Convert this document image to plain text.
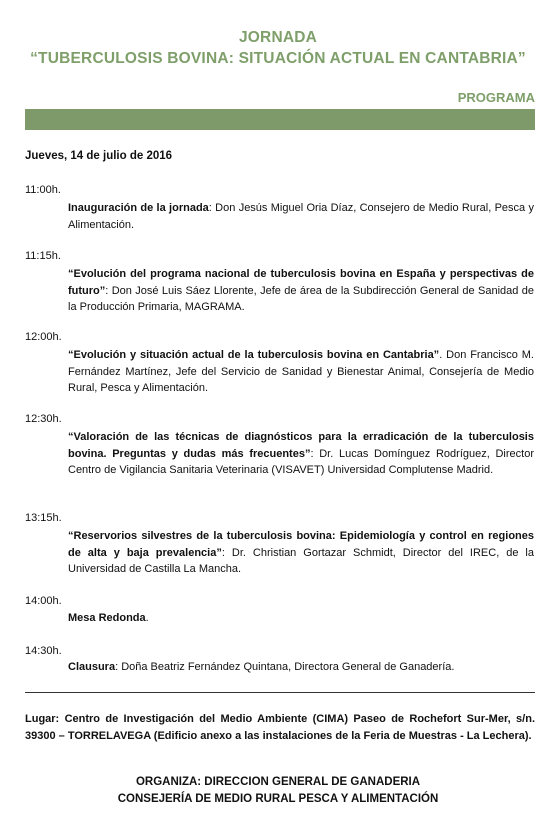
JORNADA
“TUBERCULOSIS BOVINA: SITUACIÓN ACTUAL EN CANTABRIA”
PROGRAMA
Jueves, 14 de julio de 2016
11:00h.
Inauguración de la jornada: Don Jesús Miguel Oria Díaz, Consejero de Medio Rural, Pesca y Alimentación.
11:15h.
“Evolución del programa nacional de tuberculosis bovina en España y perspectivas de futuro”: Don José Luis Sáez Llorente, Jefe de área de la Subdirección General de Sanidad de la Producción Primaria, MAGRAMA.
12:00h.
“Evolución y situación actual de la tuberculosis bovina en Cantabria”. Don Francisco M. Fernández Martínez, Jefe del Servicio de Sanidad y Bienestar Animal, Consejería de Medio Rural, Pesca y Alimentación.
12:30h.
“Valoración de las técnicas de diagnósticos para la erradicación de la tuberculosis bovina. Preguntas y dudas más frecuentes”: Dr. Lucas Domínguez Rodríguez, Director Centro de Vigilancia Sanitaria Veterinaria (VISAVET) Universidad Complutense Madrid.
13:15h.
“Reservorios silvestres de la tuberculosis bovina: Epidemiología y control en regiones de alta y baja prevalencia”: Dr. Christian Gortazar Schmidt, Director del IREC, de la Universidad de Castilla La Mancha.
14:00h.
Mesa Redonda.
14:30h.
Clausura: Doña Beatriz Fernández Quintana, Directora General de Ganadería.
Lugar: Centro de Investigación del Medio Ambiente (CIMA) Paseo de Rochefort Sur-Mer, s/n. 39300 – TORRELAVEGA (Edificio anexo a las instalaciones de la Feria de Muestras - La Lechera).
ORGANIZA: DIRECCION GENERAL DE GANADERIA
CONSEJERÍA DE MEDIO RURAL PESCA Y ALIMENTACIÓN
